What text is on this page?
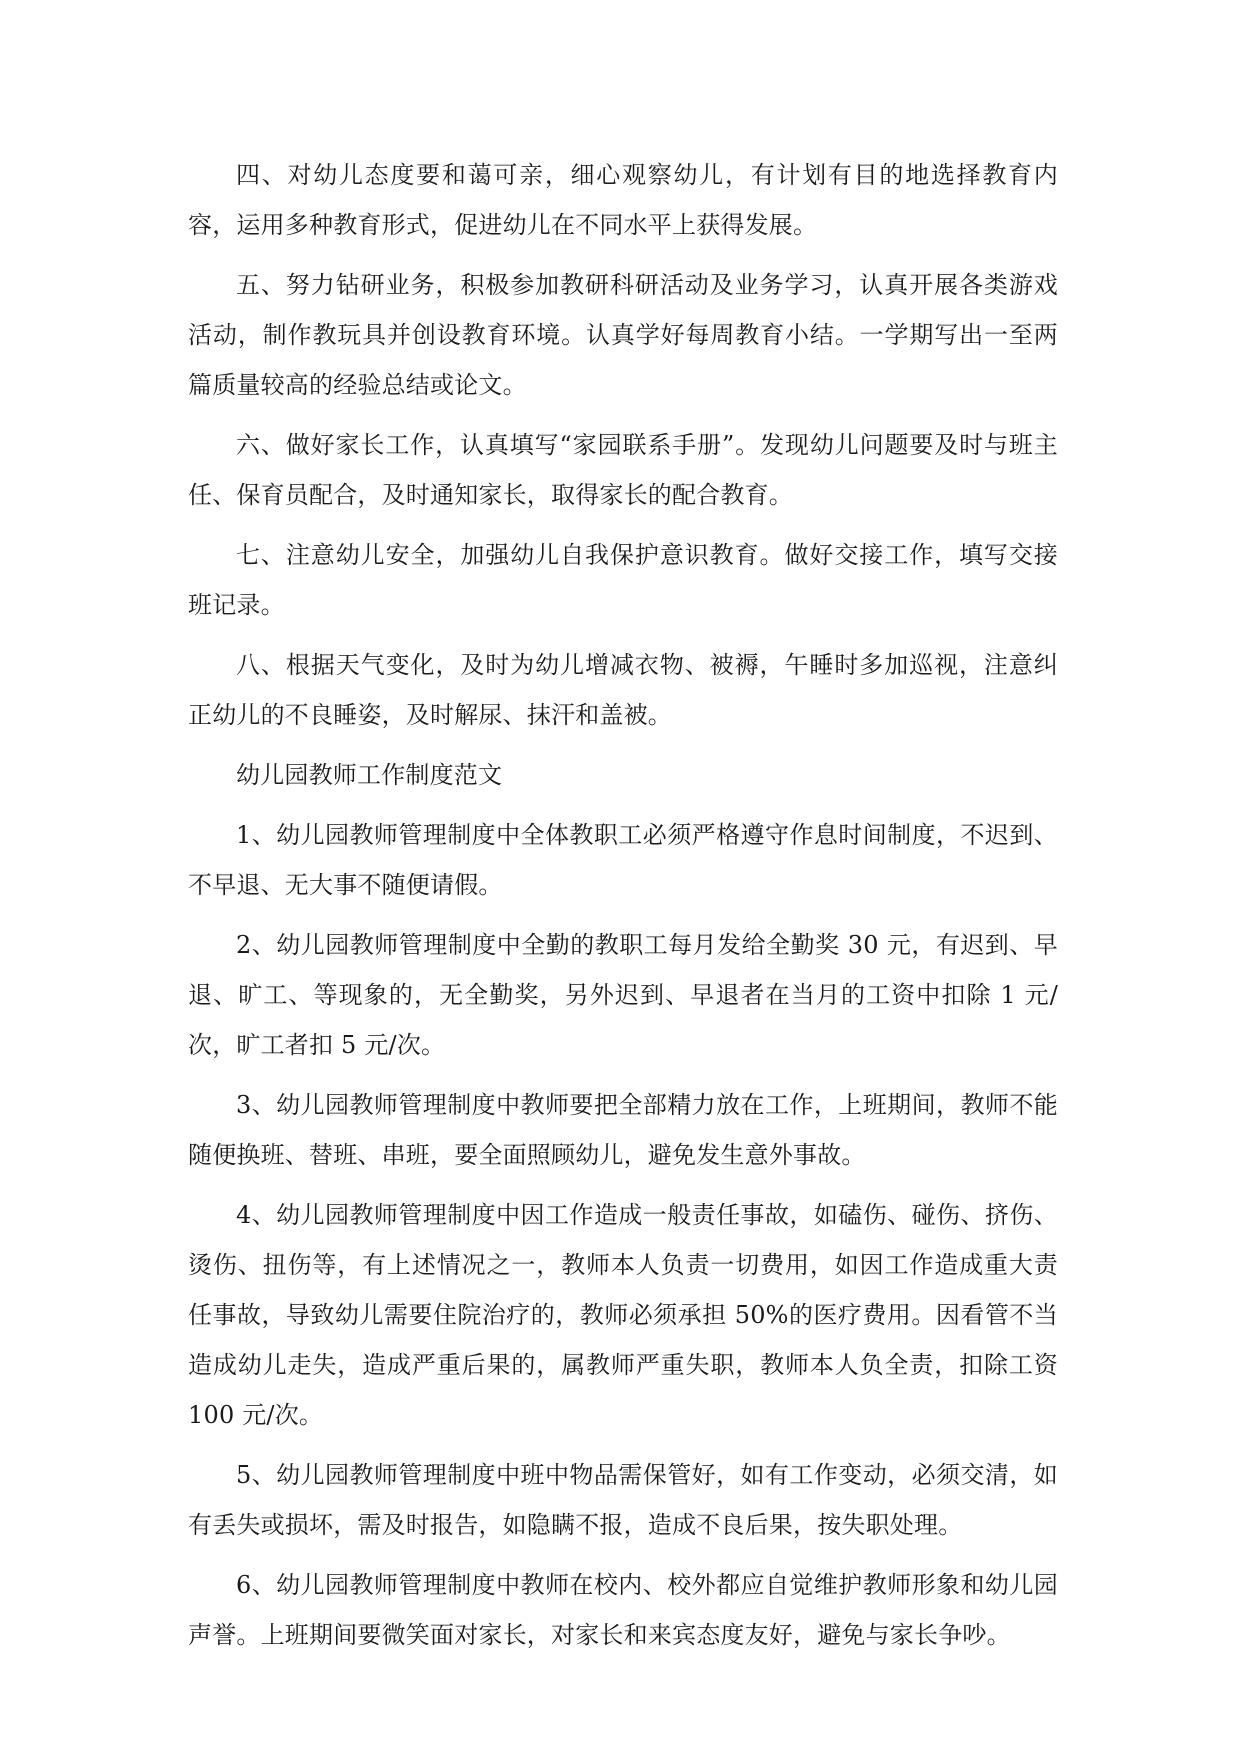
四、对幼儿态度要和蔼可亲，细心观察幼儿，有计划有目的地选择教育内容，运用多种教育形式，促进幼儿在不同水平上获得发展。

五、努力钻研业务，积极参加教研科研活动及业务学习，认真开展各类游戏活动，制作教玩具并创设教育环境。认真学好每周教育小结。一学期写出一至两篇质量较高的经验总结或论文。

六、做好家长工作，认真填写“家园联系手册”。发现幼儿问题要及时与班主任、保育员配合，及时通知家长，取得家长的配合教育。

七、注意幼儿安全，加强幼儿自我保护意识教育。做好交接工作，填写交接班记录。

八、根据天气变化，及时为幼儿增减衣物、被褥，午睡时多加巡视，注意纠正幼儿的不良睡姿，及时解尿、抹汗和盖被。

幼儿园教师工作制度范文

1、幼儿园教师管理制度中全体教职工必须严格遵守作息时间制度，不迟到、不早退、无大事不随便请假。

2、幼儿园教师管理制度中全勤的教职工每月发给全勤奖 30 元，有迟到、早退、旷工、等现象的，无全勤奖，另外迟到、早退者在当月的工资中扣除 1 元/次，旷工者扣 5 元/次。

3、幼儿园教师管理制度中教师要把全部精力放在工作，上班期间，教师不能随便换班、替班、串班，要全面照顾幼儿，避免发生意外事故。

4、幼儿园教师管理制度中因工作造成一般责任事故，如磕伤、碰伤、挤伤、烫伤、扭伤等，有上述情况之一，教师本人负责一切费用，如因工作造成重大责任事故，导致幼儿需要住院治疗的，教师必须承担 50%的医疗费用。因看管不当造成幼儿走失，造成严重后果的，属教师严重失职，教师本人负全责，扣除工资 100 元/次。

5、幼儿园教师管理制度中班中物品需保管好，如有工作变动，必须交清，如有丢失或损坏，需及时报告，如隐瞒不报，造成不良后果，按失职处理。

6、幼儿园教师管理制度中教师在校内、校外都应自觉维护教师形象和幼儿园声誉。上班期间要微笑面对家长，对家长和来宾态度友好，避免与家长争吵。
